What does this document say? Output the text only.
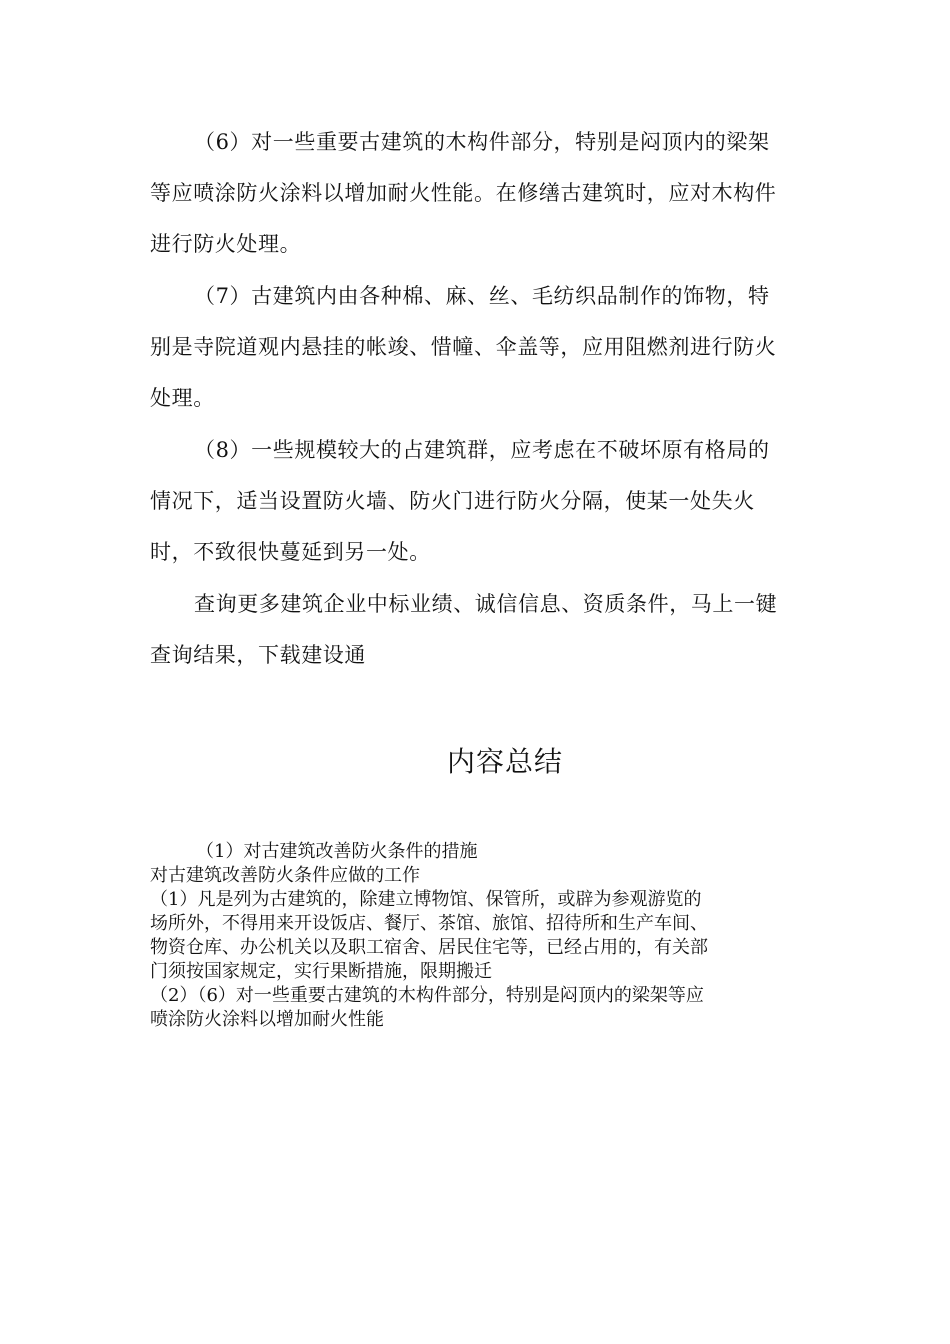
（6）对一些重要古建筑的木构件部分，特别是闷顶内的梁架
等应喷涂防火涂料以增加耐火性能。在修缮古建筑时，应对木构件
进行防火处理。
（7）古建筑内由各种棉、麻、丝、毛纺织品制作的饰物，特
别是寺院道观内悬挂的帐竣、惜幢、伞盖等，应用阻燃剂进行防火
处理。
（8）一些规模较大的占建筑群，应考虑在不破坏原有格局的
情况下，适当设置防火墙、防火门进行防火分隔，使某一处失火
时，不致很快蔓延到另一处。
查询更多建筑企业中标业绩、诚信信息、资质条件，马上一键
查询结果，下载建设通
内容总结
（1）对古建筑改善防火条件的措施
对古建筑改善防火条件应做的工作
（1）凡是列为古建筑的，除建立博物馆、保管所，或辟为参观游览的
场所外，不得用来开设饭店、餐厅、茶馆、旅馆、招待所和生产车间、
物资仓库、办公机关以及职工宿舍、居民住宅等，已经占用的，有关部
门须按国家规定，实行果断措施，限期搬迁
（2）（6）对一些重要古建筑的木构件部分，特别是闷顶内的梁架等应
喷涂防火涂料以增加耐火性能
